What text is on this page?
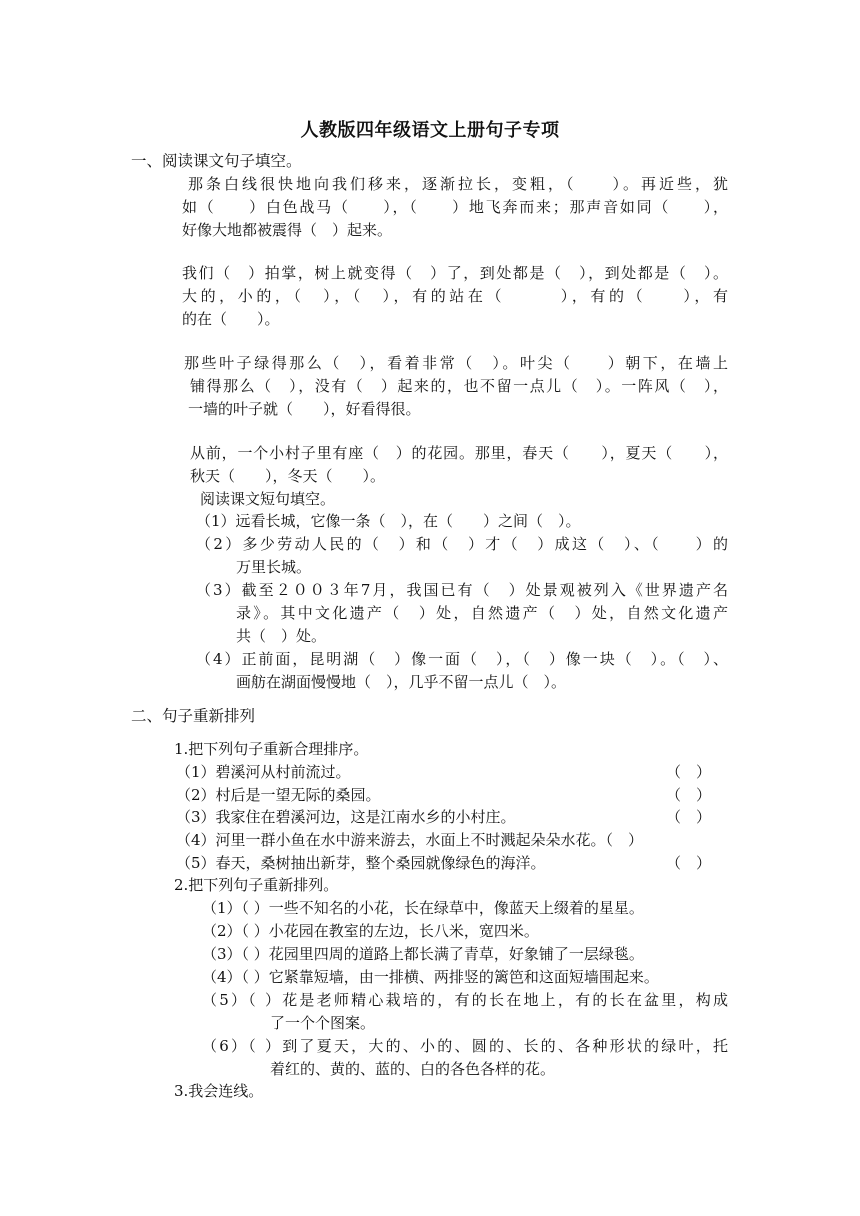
人教版四年级语文上册句子专项

一、阅读课文句子填空。

那条白线很快地向我们移来，逐渐拉长，变粗，（　　）。再近些，犹

如（　　）白色战马（　　），（　　）地飞奔而来；那声音如同（　　），

好像大地都被震得（　）起来。

我们（　）拍掌，树上就变得（　）了，到处都是（　），到处都是（　）。

大的，小的，（　），（　），有的站在（　　　），有的（　　），有

的在（　　）。

那些叶子绿得那么（　），看着非常（　）。叶尖（　　）朝下，在墙上

铺得那么（　），没有（　）起来的，也不留一点儿（　）。一阵风（　），

一墙的叶子就（　　），好看得很。

从前，一个小村子里有座（　）的花园。那里，春天（　　），夏天（　　），

秋天（　　），冬天（　　）。

阅读课文短句填空。

（1）远看长城，它像一条（　），在（　　）之间（　）。

（2）多少劳动人民的（　）和（　）才（　）成这（　）、（　　）的

万里长城。

（3）截至２００３年7月，我国已有（　）处景观被列入《世界遗产名

录》。其中文化遗产（　）处，自然遗产（　）处，自然文化遗产

共（　）处。

（4）正前面，昆明湖（　）像一面（　），（　）像一块（　）。（　）、

画舫在湖面慢慢地（　），几乎不留一点儿（　）。

二、句子重新排列

1.把下列句子重新合理排序。

（1）碧溪河从村前流过。	（　）

（2）村后是一望无际的桑园。	（　）

（3）我家住在碧溪河边，这是江南水乡的小村庄。	（　）

（4）河里一群小鱼在水中游来游去，水面上不时溅起朵朵水花。（　）

（5）春天，桑树抽出新芽，整个桑园就像绿色的海洋。	（　）

2.把下列句子重新排列。

（1）（ ）一些不知名的小花，长在绿草中，像蓝天上缀着的星星。

（2）（ ）小花园在教室的左边，长八米，宽四米。

（3）（ ）花园里四周的道路上都长满了青草，好象铺了一层绿毯。

（4）（ ）它紧靠短墙，由一排横、两排竖的篱笆和这面短墙围起来。

（5）（ ）花是老师精心栽培的，有的长在地上，有的长在盆里，构成

了一个个图案。

（6）（ ）到了夏天，大的、小的、圆的、长的、各种形状的绿叶，托

着红的、黄的、蓝的、白的各色各样的花。

3.我会连线。
